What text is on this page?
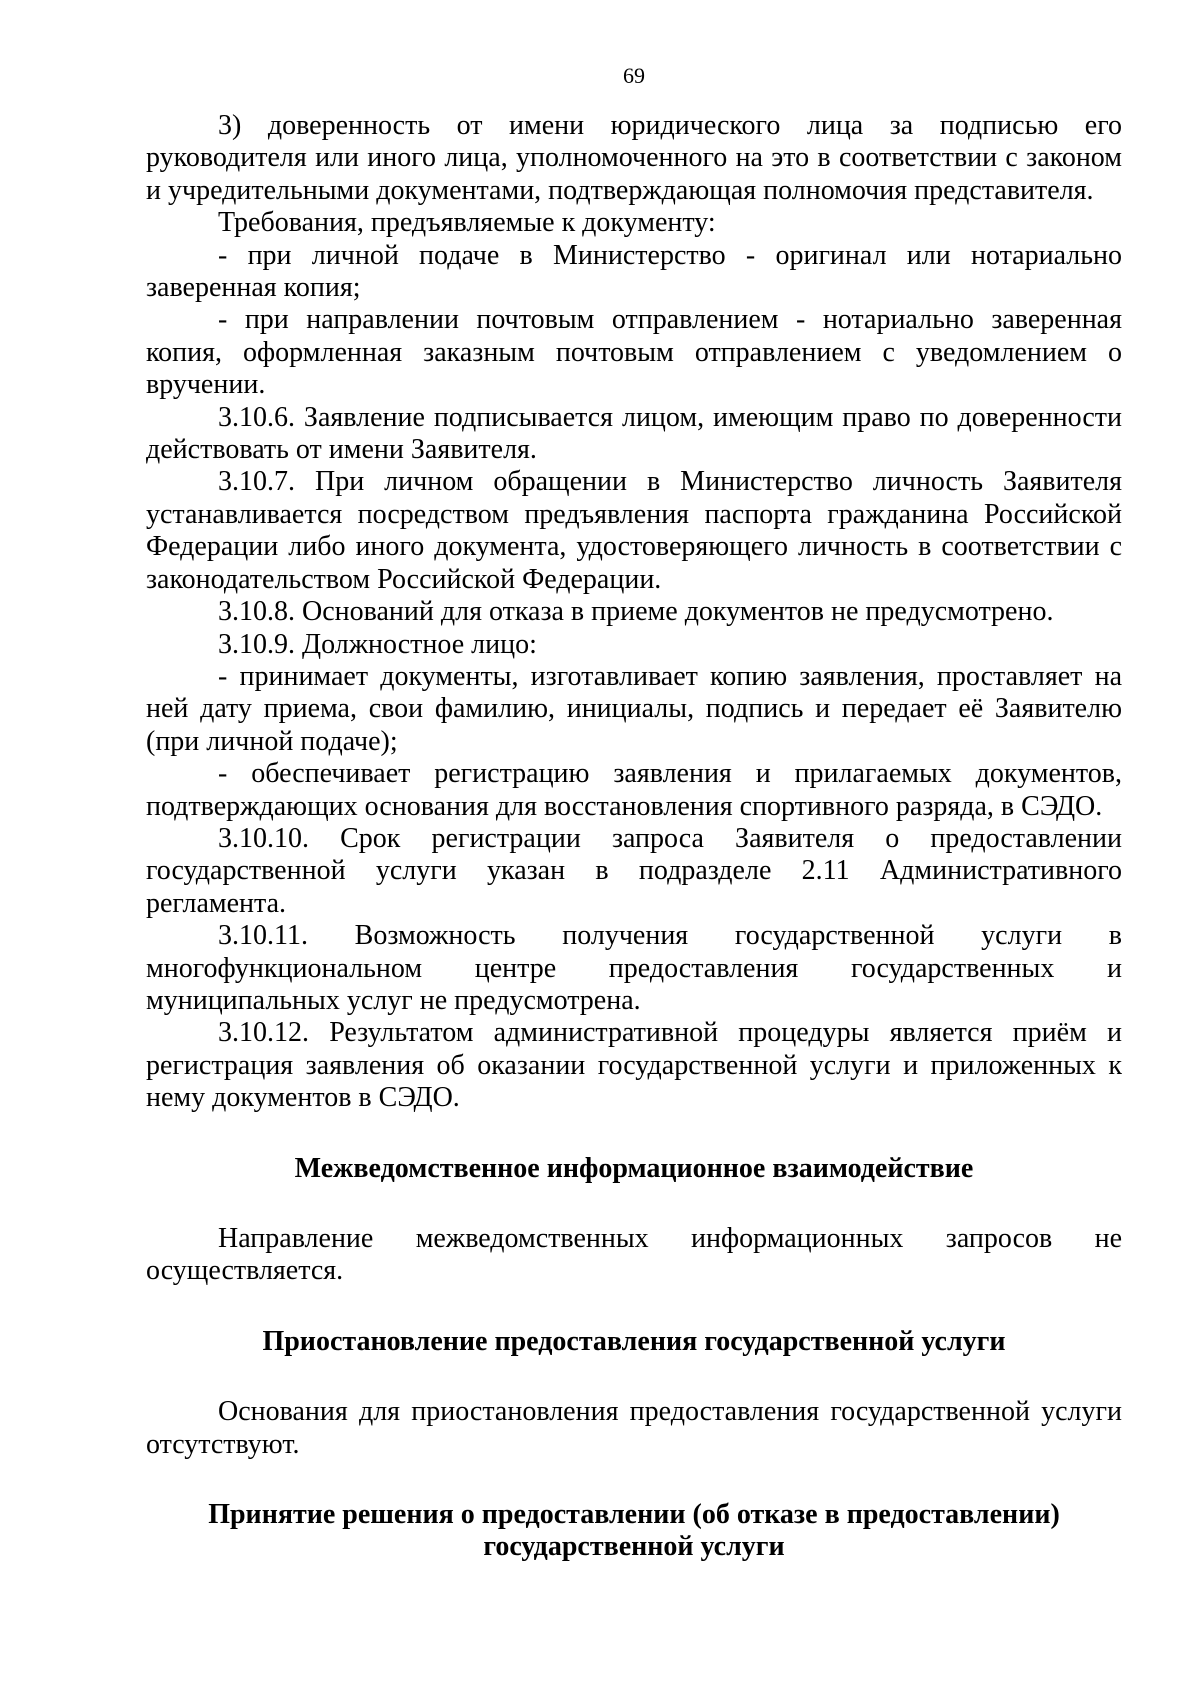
69

3) доверенность от имени юридического лица за подписью его руководителя или иного лица, уполномоченного на это в соответствии с законом и учредительными документами, подтверждающая полномочия представителя.

Требования, предъявляемые к документу:

- при личной подаче в Министерство - оригинал или нотариально заверенная копия;

- при направлении почтовым отправлением - нотариально заверенная копия, оформленная заказным почтовым отправлением с уведомлением о вручении.

3.10.6. Заявление подписывается лицом, имеющим право по доверенности действовать от имени Заявителя.

3.10.7. При личном обращении в Министерство личность Заявителя устанавливается посредством предъявления паспорта гражданина Российской Федерации либо иного документа, удостоверяющего личность в соответствии с законодательством Российской Федерации.

3.10.8. Оснований для отказа в приеме документов не предусмотрено.

3.10.9. Должностное лицо:

- принимает документы, изготавливает копию заявления, проставляет на ней дату приема, свои фамилию, инициалы, подпись и передает её Заявителю (при личной подаче);

- обеспечивает регистрацию заявления и прилагаемых документов, подтверждающих основания для восстановления спортивного разряда, в СЭДО.

3.10.10. Срок регистрации запроса Заявителя о предоставлении государственной услуги указан в подразделе 2.11 Административного регламента.

3.10.11. Возможность получения государственной услуги в многофункциональном центре предоставления государственных и муниципальных услуг не предусмотрена.

3.10.12. Результатом административной процедуры является приём и регистрация заявления об оказании государственной услуги и приложенных к нему документов в СЭДО.

Межведомственное информационное взаимодействие

Направление межведомственных информационных запросов не осуществляется.

Приостановление предоставления государственной услуги

Основания для приостановления предоставления государственной услуги отсутствуют.

Принятие решения о предоставлении (об отказе в предоставлении)
государственной услуги
